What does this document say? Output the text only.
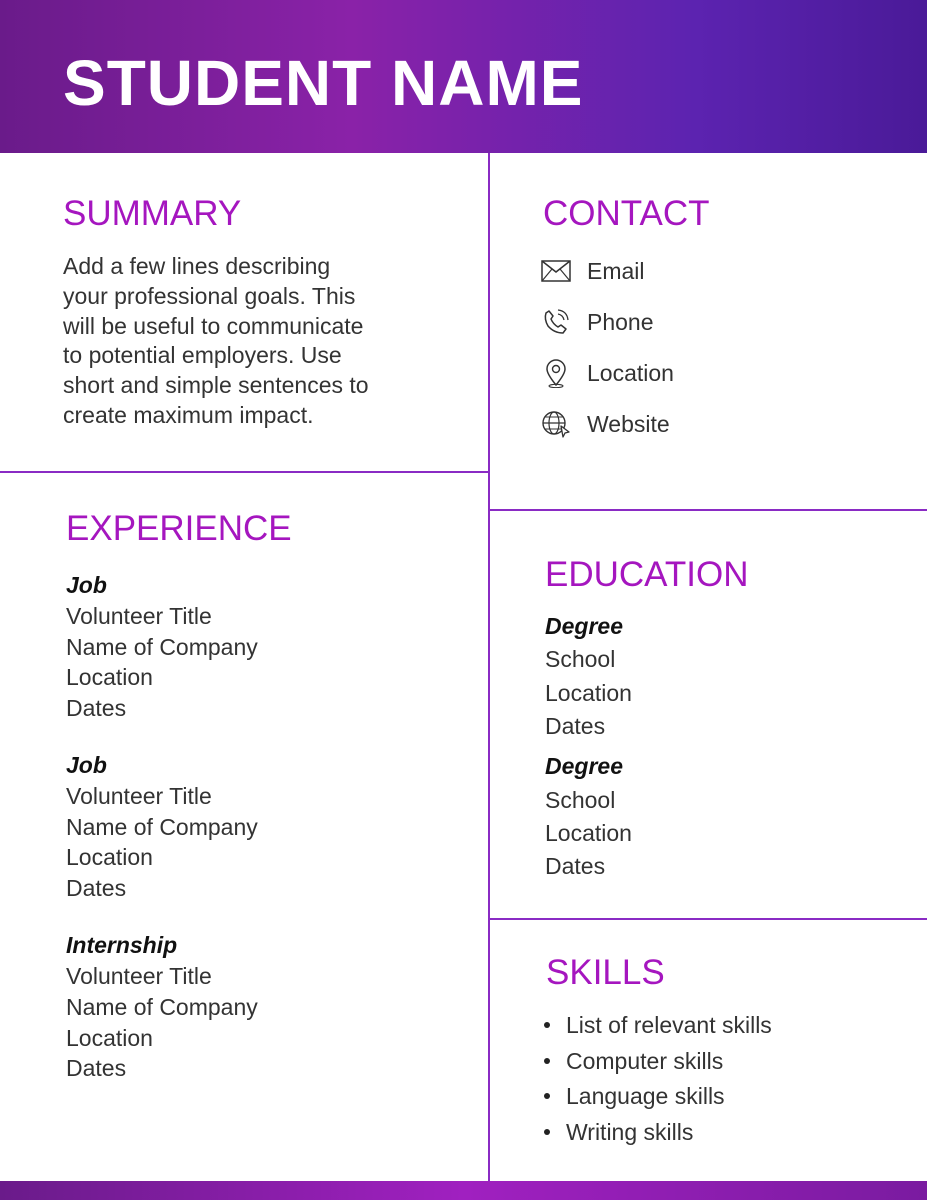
STUDENT NAME
SUMMARY
Add a few lines describing
your professional goals. This
will be useful to communicate
to potential employers. Use
short and simple sentences to
create maximum impact.
CONTACT
Email
Phone
Location
Website
EXPERIENCE
Job
Volunteer Title
Name of Company
Location
Dates
Job
Volunteer Title
Name of Company
Location
Dates
Internship
Volunteer Title
Name of Company
Location
Dates
EDUCATION
Degree
School
Location
Dates
Degree
School
Location
Dates
SKILLS
List of relevant skills
Computer skills
Language skills
Writing skills
